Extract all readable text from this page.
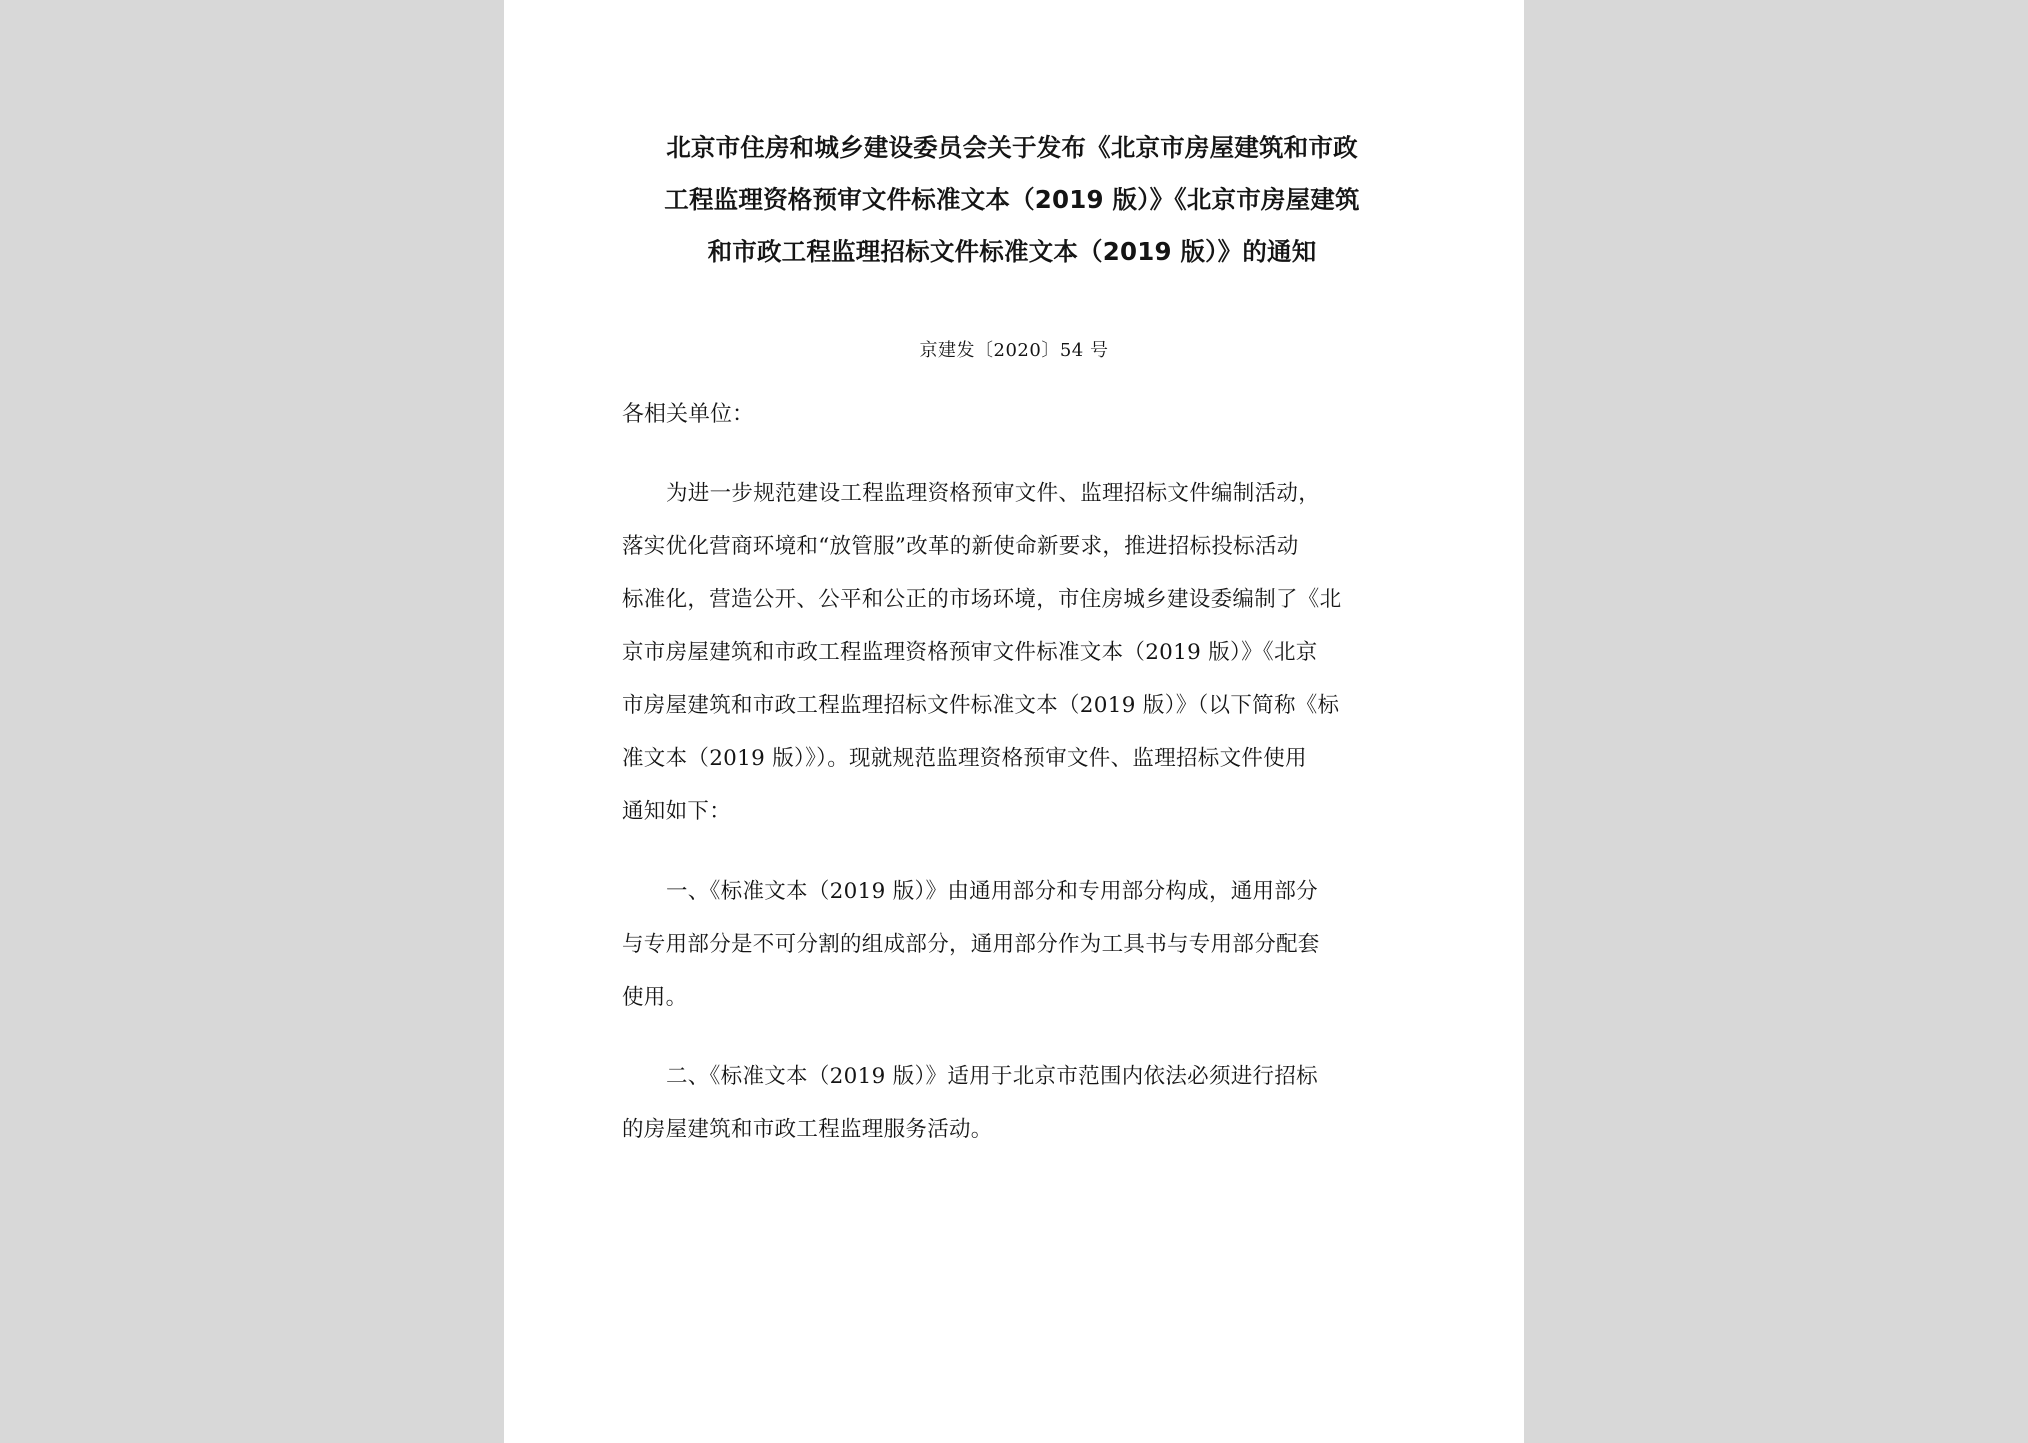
北京市住房和城乡建设委员会关于发布《北京市房屋建筑和市政
工程监理资格预审文件标准文本（2019 版）》《北京市房屋建筑
和市政工程监理招标文件标准文本（2019 版）》的通知
京建发〔2020〕54 号
各相关单位：
为进一步规范建设工程监理资格预审文件、监理招标文件编制活动，
落实优化营商环境和“放管服”改革的新使命新要求，推进招标投标活动
标准化，营造公开、公平和公正的市场环境，市住房城乡建设委编制了《北
京市房屋建筑和市政工程监理资格预审文件标准文本（2019 版）》《北京
市房屋建筑和市政工程监理招标文件标准文本（2019 版）》（以下简称《标
准文本（2019 版）》）。现就规范监理资格预审文件、监理招标文件使用
通知如下：
一、《标准文本（2019 版）》由通用部分和专用部分构成，通用部分
与专用部分是不可分割的组成部分，通用部分作为工具书与专用部分配套
使用。
二、《标准文本（2019 版）》适用于北京市范围内依法必须进行招标
的房屋建筑和市政工程监理服务活动。
